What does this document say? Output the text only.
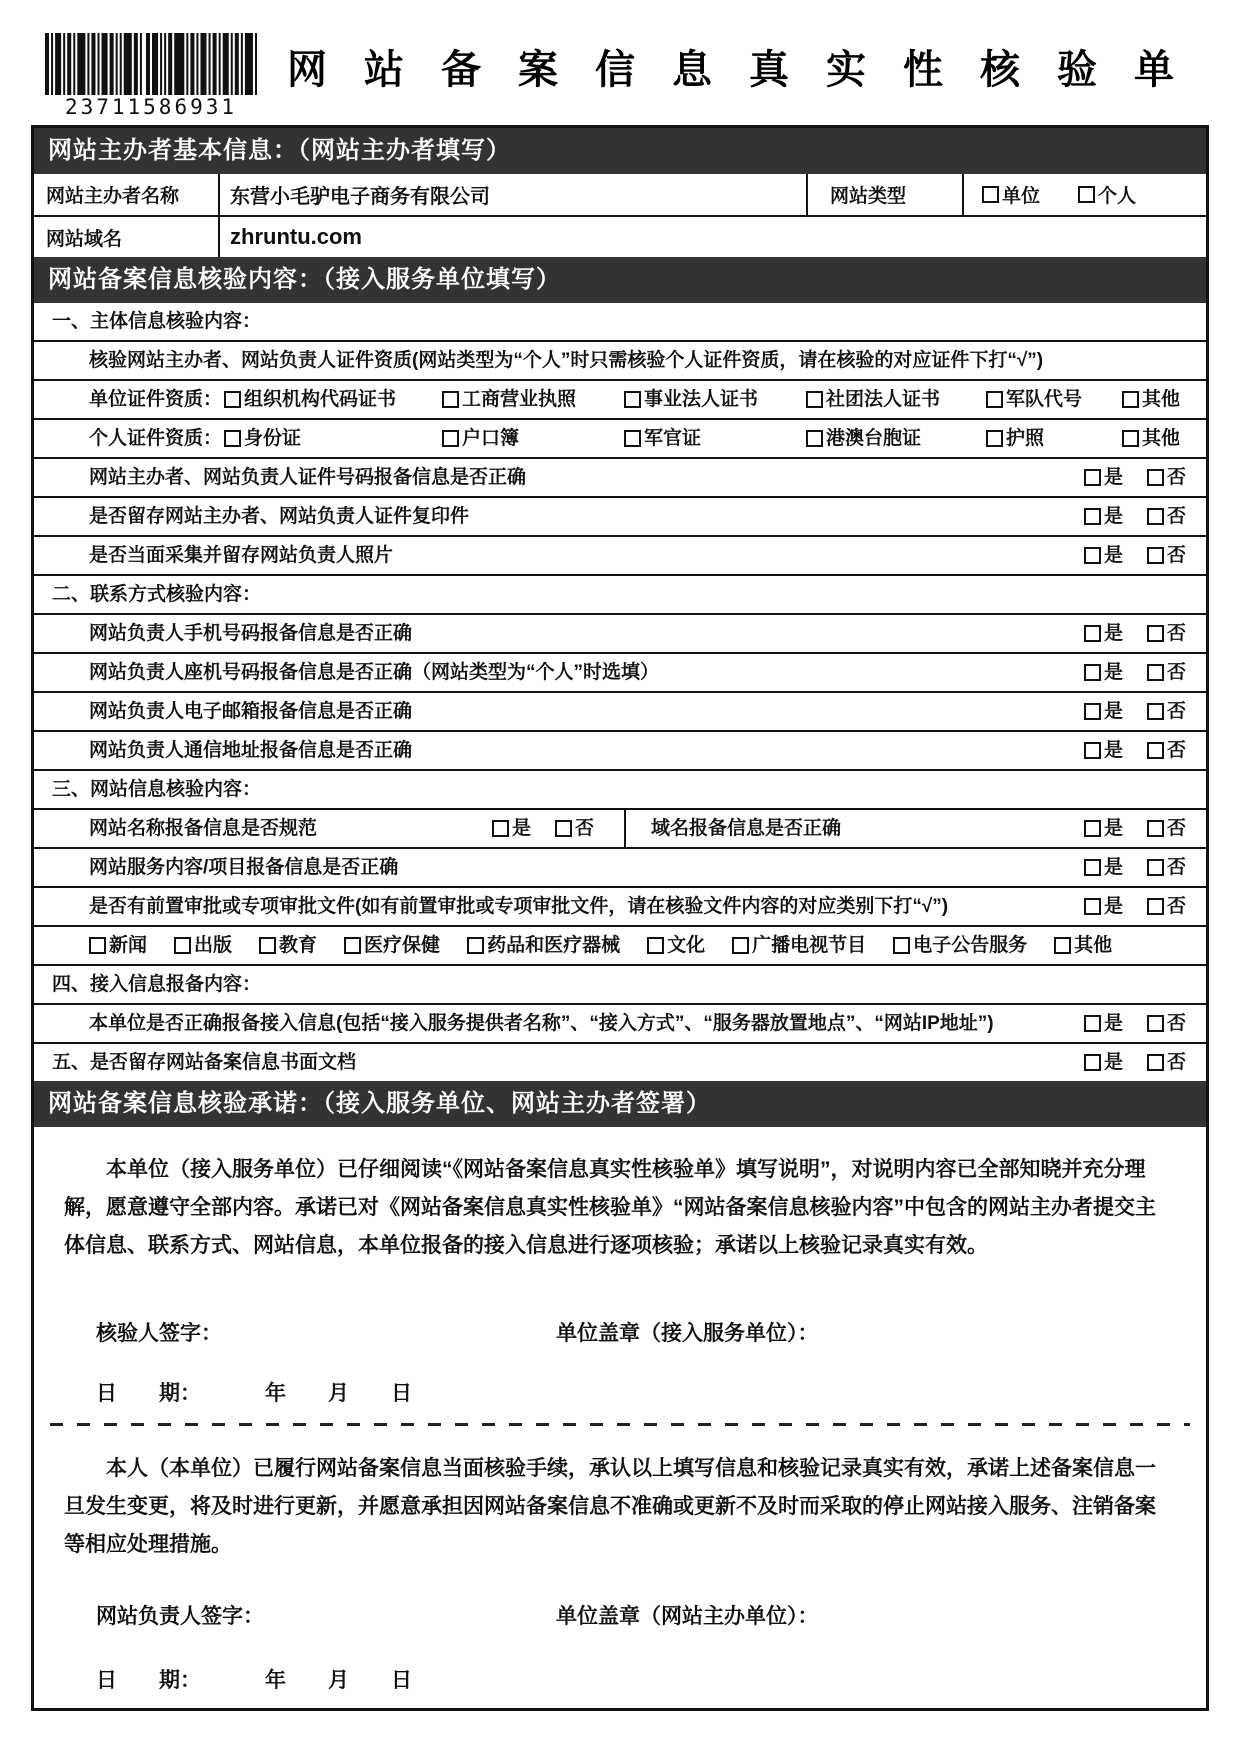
23711586931
网站备案信息真实性核验单
网站主办者基本信息：（网站主办者填写）
网站主办者名称	东营小毛驴电子商务有限公司	网站类型	单位	个人
网站域名	zhruntu.com
网站备案信息核验内容：（接入服务单位填写）
一、主体信息核验内容：
核验网站主办者、网站负责人证件资质(网站类型为“个人”时只需核验个人证件资质，请在核验的对应证件下打“√”)
单位证件资质： 组织机构代码证书	工商营业执照	事业法人证书	社团法人证书	军队代号	其他
个人证件资质： 身份证	户口簿	军官证	港澳台胞证	护照	其他
网站主办者、网站负责人证件号码报备信息是否正确	是 否
是否留存网站主办者、网站负责人证件复印件	是 否
是否当面采集并留存网站负责人照片	是 否
二、联系方式核验内容：
网站负责人手机号码报备信息是否正确	是 否
网站负责人座机号码报备信息是否正确（网站类型为“个人”时选填）	是 否
网站负责人电子邮箱报备信息是否正确	是 否
网站负责人通信地址报备信息是否正确	是 否
三、网站信息核验内容：
网站名称报备信息是否规范	是 否	域名报备信息是否正确	是 否
网站服务内容/项目报备信息是否正确	是 否
是否有前置审批或专项审批文件(如有前置审批或专项审批文件，请在核验文件内容的对应类别下打“√”)	是 否
新闻 出版 教育 医疗保健 药品和医疗器械 文化 广播电视节目 电子公告服务 其他
四、接入信息报备内容：
本单位是否正确报备接入信息(包括“接入服务提供者名称”、“接入方式”、“服务器放置地点”、“网站IP地址”)	是 否
五、是否留存网站备案信息书面文档	是 否
网站备案信息核验承诺：（接入服务单位、网站主办者签署）

本单位（接入服务单位）已仔细阅读“《网站备案信息真实性核验单》填写说明”，对说明内容已全部知晓并充分理解，愿意遵守全部内容。承诺已对《网站备案信息真实性核验单》“网站备案信息核验内容”中包含的网站主办者提交主体信息、联系方式、网站信息，本单位报备的接入信息进行逐项核验；承诺以上核验记录真实有效。

核验人签字：	单位盖章（接入服务单位）：
日　　期：	年　　月　　日

本人（本单位）已履行网站备案信息当面核验手续，承认以上填写信息和核验记录真实有效，承诺上述备案信息一旦发生变更，将及时进行更新，并愿意承担因网站备案信息不准确或更新不及时而采取的停止网站接入服务、注销备案等相应处理措施。

网站负责人签字：	单位盖章（网站主办单位）：
日　　期：	年　　月　　日
